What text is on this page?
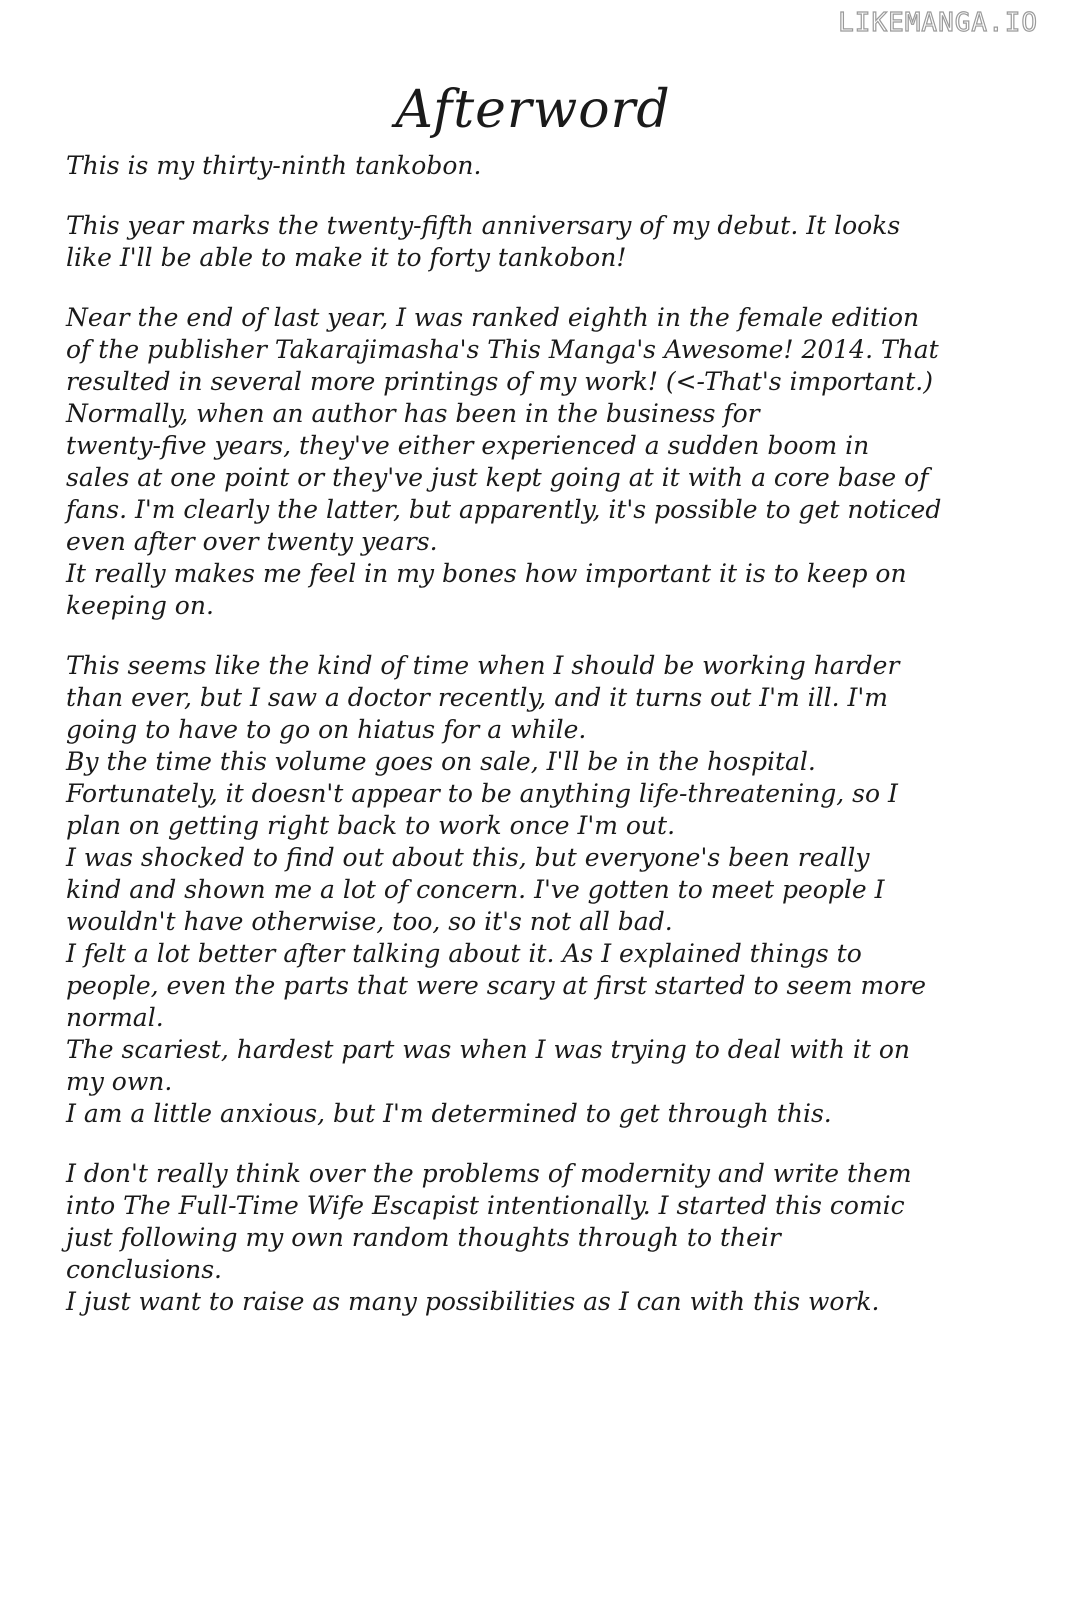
LIKEMANGA.IO
Afterword
This is my thirty-ninth tankobon.
This year marks the twenty-fifth anniversary of my debut. It looks
like I'll be able to make it to forty tankobon!
Near the end of last year, I was ranked eighth in the female edition
of the publisher Takarajimasha's This Manga's Awesome! 2014. That
resulted in several more printings of my work! (<-That's important.)
Normally, when an author has been in the business for
twenty-five years, they've either experienced a sudden boom in
sales at one point or they've just kept going at it with a core base of
fans. I'm clearly the latter, but apparently, it's possible to get noticed
even after over twenty years.
It really makes me feel in my bones how important it is to keep on
keeping on.
This seems like the kind of time when I should be working harder
than ever, but I saw a doctor recently, and it turns out I'm ill. I'm
going to have to go on hiatus for a while.
By the time this volume goes on sale, I'll be in the hospital.
Fortunately, it doesn't appear to be anything life-threatening, so I
plan on getting right back to work once I'm out.
I was shocked to find out about this, but everyone's been really
kind and shown me a lot of concern. I've gotten to meet people I
wouldn't have otherwise, too, so it's not all bad.
I felt a lot better after talking about it. As I explained things to
people, even the parts that were scary at first started to seem more
normal.
The scariest, hardest part was when I was trying to deal with it on
my own.
I am a little anxious, but I'm determined to get through this.
I don't really think over the problems of modernity and write them
into The Full-Time Wife Escapist intentionally. I started this comic
just following my own random thoughts through to their
conclusions.
I just want to raise as many possibilities as I can with this work.
